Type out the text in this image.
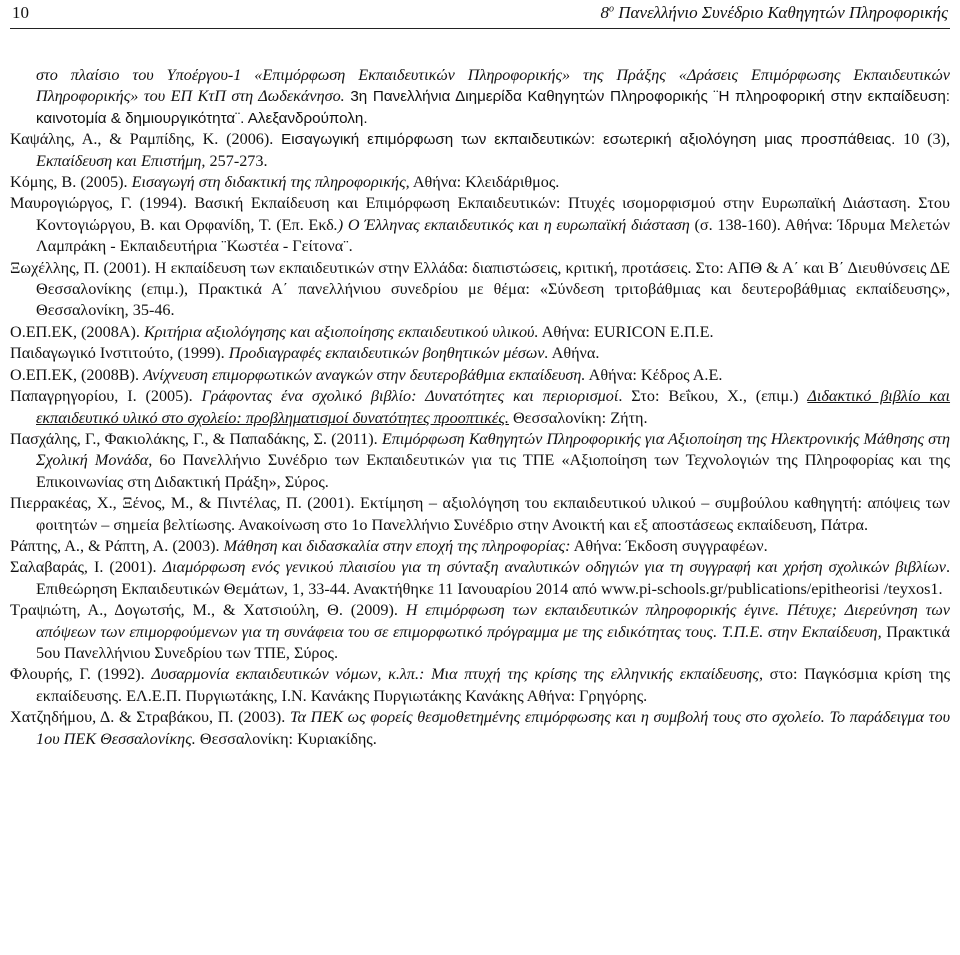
10	$8^o$ Πανελλήνιο Συνέδριο Καθηγητών Πληροφορικής

στο πλαίσιο του Υποέργου-1 «Επιμόρφωση Εκπαιδευτικών Πληροφορικής» της Πράξης «Δράσεις Επιμόρφωσης Εκπαιδευτικών Πληροφορικής» του ΕΠ ΚτΠ στη Δωδεκάνησο. 3η Πανελλήνια Διημερίδα Καθηγητών Πληροφορικής ¨Η πληροφορική στην εκπαίδευση: καινοτομία & δημιουργικότητα¨. Αλεξανδρούπολη.

Καψάλης, Α., & Ραμπίδης, Κ. (2006). Εισαγωγική επιμόρφωση των εκπαιδευτικών: εσωτερική αξιολόγηση μιας προσπάθειας. 10 (3), Εκπαίδευση και Επιστήμη, 257-273.

Κόμης, Β. (2005). Εισαγωγή στη διδακτική της πληροφορικής, Αθήνα: Κλειδάριθμος.

Μαυρογιώργος, Γ. (1994). Βασική Εκπαίδευση και Επιμόρφωση Εκπαιδευτικών: Πτυχές ισομορφισμού στην Ευρωπαϊκή Διάσταση. Στου Κοντογιώργου, Β. και Ορφανίδη, Τ. (Επ. Εκδ.) Ο Έλληνας εκπαιδευτικός και η ευρωπαϊκή διάσταση (σ. 138-160). Αθήνα: Ίδρυμα Μελετών Λαμπράκη - Εκπαιδευτήρια ¨Κωστέα - Γείτονα¨.

Ξωχέλλης, Π. (2001). Η εκπαίδευση των εκπαιδευτικών στην Ελλάδα: διαπιστώσεις, κριτική, προτάσεις. Στο: ΑΠΘ & Α΄ και Β΄ Διευθύνσεις ΔΕ Θεσσαλονίκης (επιμ.), Πρακτικά Α΄ πανελλήνιου συνεδρίου με θέμα: «Σύνδεση τριτοβάθμιας και δευτεροβάθμιας εκπαίδευσης», Θεσσαλονίκη, 35-46.

Ο.ΕΠ.ΕΚ, (2008Α). Κριτήρια αξιολόγησης και αξιοποίησης εκπαιδευτικού υλικού. Αθήνα: EURICON Ε.Π.Ε.

Παιδαγωγικό Ινστιτούτο, (1999). Προδιαγραφές εκπαιδευτικών βοηθητικών μέσων. Αθήνα.

Ο.ΕΠ.ΕΚ, (2008Β). Ανίχνευση επιμορφωτικών αναγκών στην δευτεροβάθμια εκπαίδευση. Αθήνα: Κέδρος Α.Ε.

Παπαγρηγορίου, Ι. (2005). Γράφοντας ένα σχολικό βιβλίο: Δυνατότητες και περιορισμοί. Στο: Βεΐκου, Χ., (επιμ.) Διδακτικό βιβλίο και εκπαιδευτικό υλικό στο σχολείο: προβληματισμοί δυνατότητες προοπτικές. Θεσσαλονίκη: Ζήτη.

Πασχάλης, Γ., Φακιολάκης, Γ., & Παπαδάκης, Σ. (2011). Επιμόρφωση Καθηγητών Πληροφορικής για Αξιοποίηση της Ηλεκτρονικής Μάθησης στη Σχολική Μονάδα, 6ο Πανελλήνιο Συνέδριο των Εκπαιδευτικών για τις ΤΠΕ «Αξιοποίηση των Τεχνολογιών της Πληροφορίας και της Επικοινωνίας στη Διδακτική Πράξη», Σύρος.

Πιερρακέας, Χ., Ξένος, Μ., & Πιντέλας, Π. (2001). Εκτίμηση – αξιολόγηση του εκπαιδευτικού υλικού – συμβούλου καθηγητή: απόψεις των φοιτητών – σημεία βελτίωσης. Ανακοίνωση στο 1ο Πανελλήνιο Συνέδριο στην Ανοικτή και εξ αποστάσεως εκπαίδευση, Πάτρα.

Ράπτης, Α., & Ράπτη, Α. (2003). Μάθηση και διδασκαλία στην εποχή της πληροφορίας: Αθήνα: Έκδοση συγγραφέων.

Σαλαβαράς, Ι. (2001). Διαμόρφωση ενός γενικού πλαισίου για τη σύνταξη αναλυτικών οδηγιών για τη συγγραφή και χρήση σχολικών βιβλίων. Επιθεώρηση Εκπαιδευτικών Θεμάτων, 1, 33-44. Ανακτήθηκε 11 Ιανουαρίου 2014 από www.pi-schools.gr/publications/epitheorisi /teyxos1.

Τραψιώτη, Α., Δογωτσής, Μ., & Χατσιούλη, Θ. (2009). Η επιμόρφωση των εκπαιδευτικών πληροφορικής έγινε. Πέτυχε; Διερεύνηση των απόψεων των επιμορφούμενων για τη συνάφεια του σε επιμορφωτικό πρόγραμμα με της ειδικότητας τους. Τ.Π.Ε. στην Εκπαίδευση, Πρακτικά 5ου Πανελλήνιου Συνεδρίου των ΤΠΕ, Σύρος.

Φλουρής, Γ. (1992). Δυσαρμονία εκπαιδευτικών νόμων, κ.λπ.: Μια πτυχή της κρίσης της ελληνικής εκπαίδευσης, στο: Παγκόσμια κρίση της εκπαίδευσης. ΕΛ.Ε.Π. Πυργιωτάκης, Ι.Ν. Κανάκης Πυργιωτάκης Κανάκης Αθήνα: Γρηγόρης.

Χατζηδήμου, Δ. & Στραβάκου, Π. (2003). Τα ΠΕΚ ως φορείς θεσμοθετημένης επιμόρφωσης και η συμβολή τους στο σχολείο. Το παράδειγμα του 1ου ΠΕΚ Θεσσαλονίκης. Θεσσαλονίκη: Κυριακίδης.
